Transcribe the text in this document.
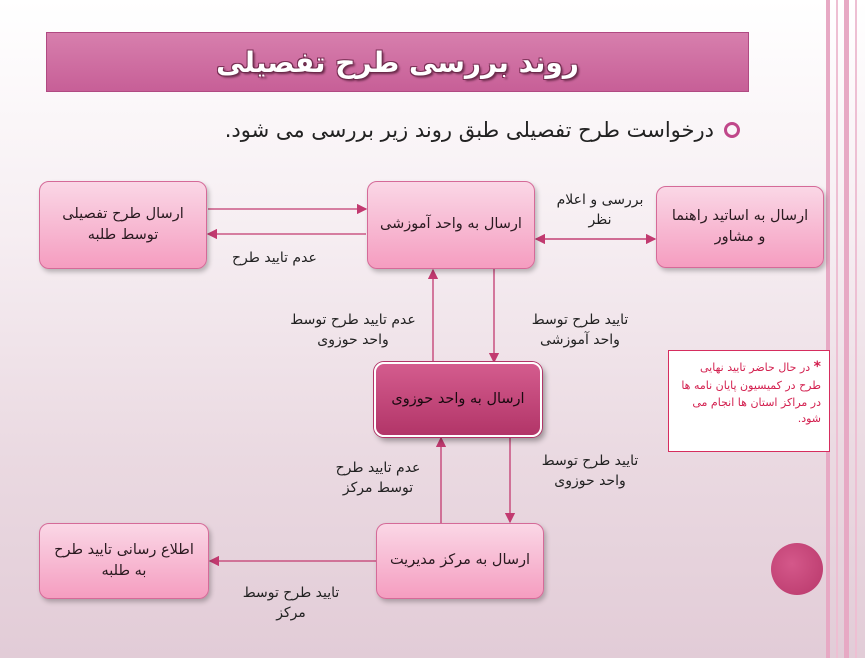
روند بررسی طرح تفصیلی
درخواست طرح تفصیلی طبق روند زیر بررسی می شود.
ارسال طرح تفصیلی توسط طلبه
ارسال به واحد آموزشی
ارسال به اساتید راهنما و مشاور
ارسال به واحد حوزوی
ارسال به مرکز مدیریت
اطلاع رسانی تایید طرح به طلبه
عدم تایید طرح
بررسی و اعلام نظر
عدم تایید طرح توسط واحد حوزوی
تایید طرح توسط واحد آموزشی
عدم تایید طرح توسط مرکز
تایید طرح توسط واحد حوزوی
تایید طرح توسط مرکز
* در حال حاضر تایید نهایی طرح در کمیسیون پایان نامه ها در مراکز استان ها انجام می شود.
